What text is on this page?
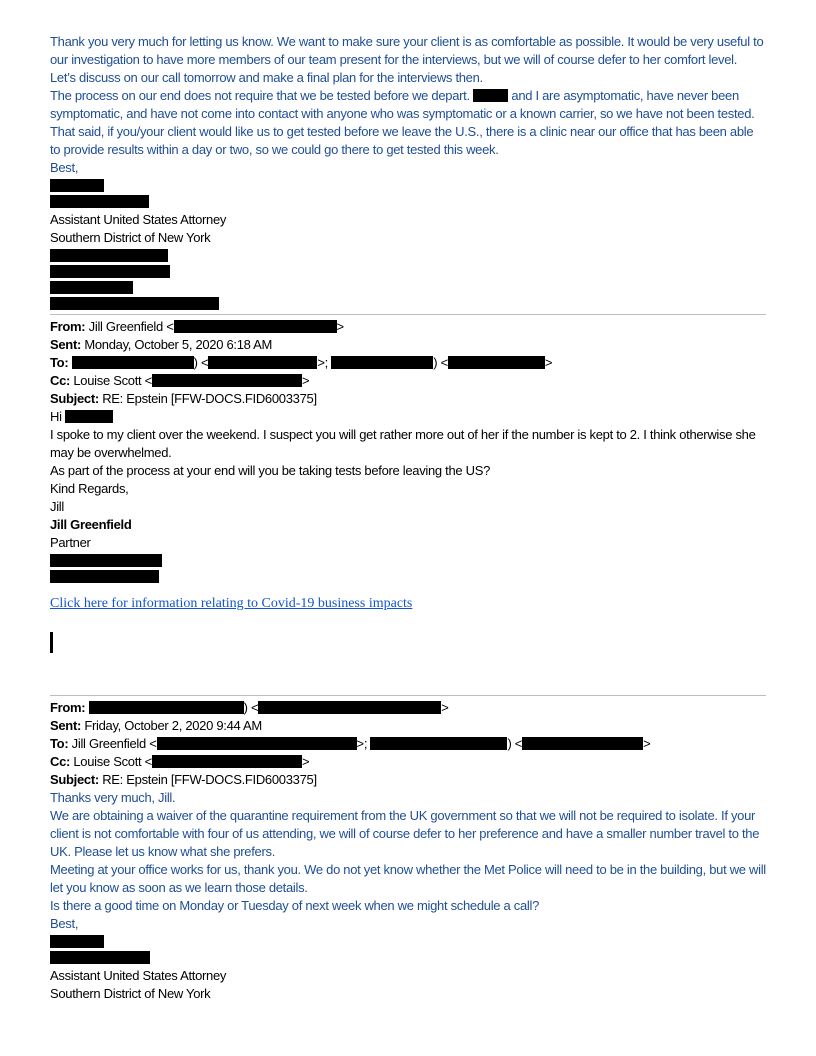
Thank you very much for letting us know. We want to make sure your client is as comfortable as possible. It would be very useful to our investigation to have more members of our team present for the interviews, but we will of course defer to her comfort level. Let’s discuss on our call tomorrow and make a final plan for the interviews then.

The process on our end does not require that we be tested before we depart.	and I are asymptomatic, have never been symptomatic, and have not come into contact with anyone who was symptomatic or a known carrier, so we have not been tested. That said, if you/your client would like us to get tested before we leave the U.S., there is a clinic near our office that has been able to provide results within a day or two, so we could go there to get tested this week.

Best,

Assistant United States Attorney

Southern District of New York

From: Jill Greenfield <	>

Sent: Monday, October 5, 2020 6:18 AM

To:	) <	>;	) <	>

Cc: Louise Scott <	>

Subject: RE: Epstein [FFW-DOCS.FID6003375]

Hi

I spoke to my client over the weekend. I suspect you will get rather more out of her if the number is kept to 2. I think otherwise she may be overwhelmed.

As part of the process at your end will you be taking tests before leaving the US?

Kind Regards,

Jill

Jill Greenfield

Partner

Click here for information relating to Covid-19 business impacts

From:	) <	>

Sent: Friday, October 2, 2020 9:44 AM

To: Jill Greenfield <	>;	) <	>

Cc: Louise Scott <	>

Subject: RE: Epstein [FFW-DOCS.FID6003375]

Thanks very much, Jill.

We are obtaining a waiver of the quarantine requirement from the UK government so that we will not be required to isolate. If your client is not comfortable with four of us attending, we will of course defer to her preference and have a smaller number travel to the UK. Please let us know what she prefers.

Meeting at your office works for us, thank you. We do not yet know whether the Met Police will need to be in the building, but we will let you know as soon as we learn those details.

Is there a good time on Monday or Tuesday of next week when we might schedule a call?

Best,

Assistant United States Attorney

Southern District of New York
